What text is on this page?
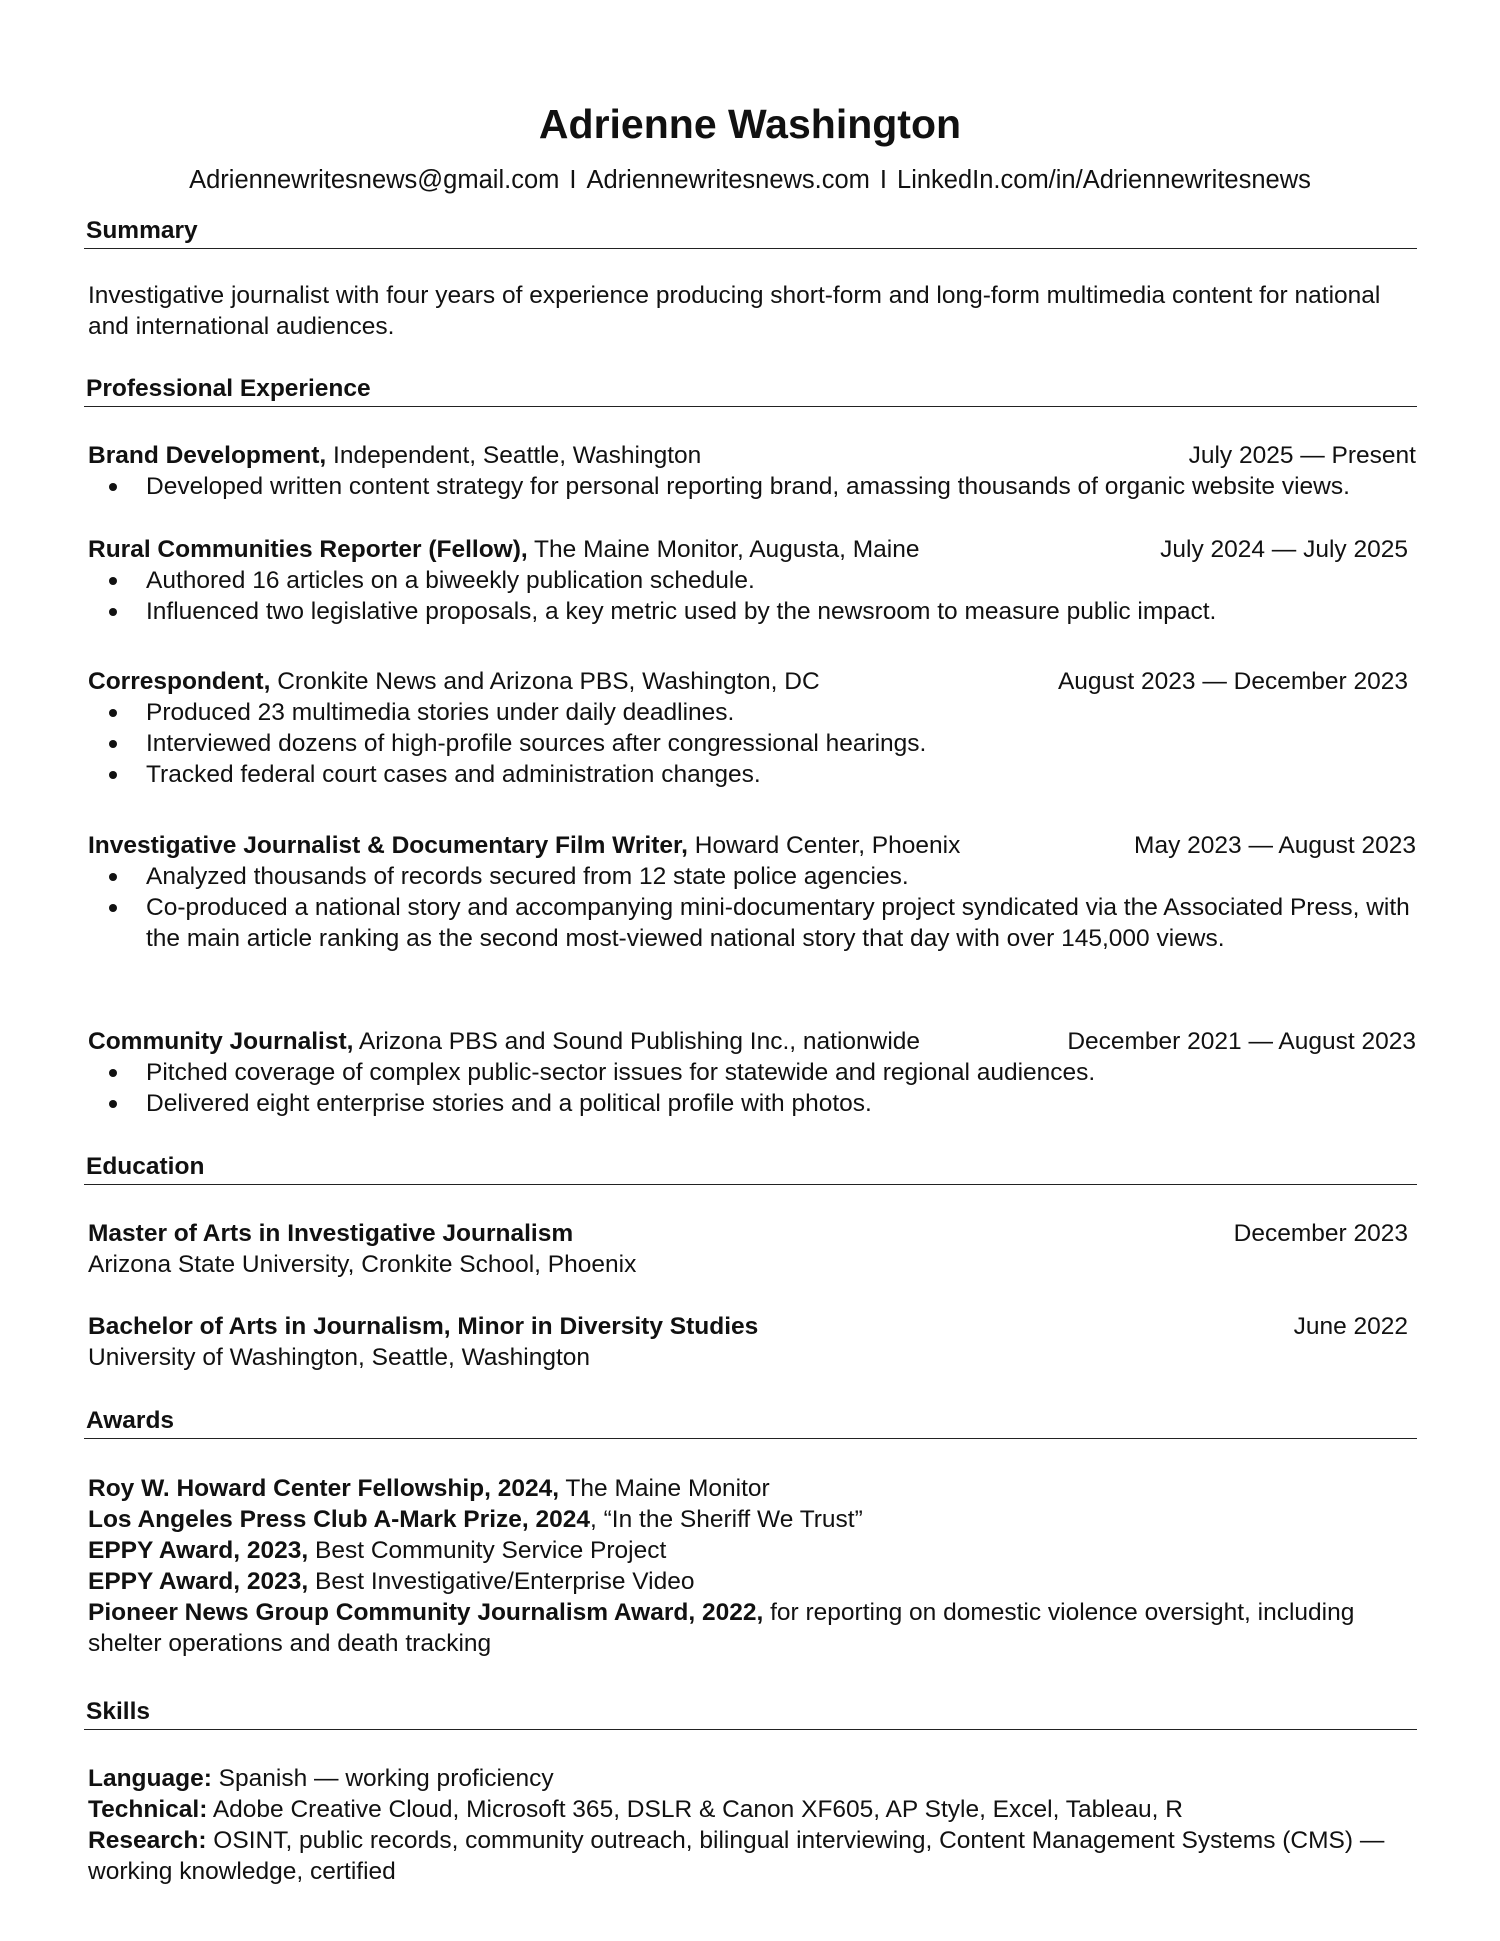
Adrienne Washington
Adriennewritesnews@gmail.com I Adriennewritesnews.com I LinkedIn.com/in/Adriennewritesnews
Summary
Investigative journalist with four years of experience producing short-form and long-form multimedia content for national and international audiences.
Professional Experience
Brand Development, Independent, Seattle, Washington	July 2025 — Present
Developed written content strategy for personal reporting brand, amassing thousands of organic website views.
Rural Communities Reporter (Fellow), The Maine Monitor, Augusta, Maine	July 2024 — July 2025
Authored 16 articles on a biweekly publication schedule.
Influenced two legislative proposals, a key metric used by the newsroom to measure public impact.
Correspondent, Cronkite News and Arizona PBS, Washington, DC	August 2023 — December 2023
Produced 23 multimedia stories under daily deadlines.
Interviewed dozens of high-profile sources after congressional hearings.
Tracked federal court cases and administration changes.
Investigative Journalist & Documentary Film Writer, Howard Center, Phoenix	May 2023 — August 2023
Analyzed thousands of records secured from 12 state police agencies.
Co-produced a national story and accompanying mini-documentary project syndicated via the Associated Press, with the main article ranking as the second most-viewed national story that day with over 145,000 views.
Community Journalist, Arizona PBS and Sound Publishing Inc., nationwide	December 2021 — August 2023
Pitched coverage of complex public-sector issues for statewide and regional audiences.
Delivered eight enterprise stories and a political profile with photos.
Education
Master of Arts in Investigative Journalism	December 2023
Arizona State University, Cronkite School, Phoenix
Bachelor of Arts in Journalism, Minor in Diversity Studies	June 2022
University of Washington, Seattle, Washington
Awards
Roy W. Howard Center Fellowship, 2024, The Maine Monitor
Los Angeles Press Club A-Mark Prize, 2024, “In the Sheriff We Trust”
EPPY Award, 2023, Best Community Service Project
EPPY Award, 2023, Best Investigative/Enterprise Video
Pioneer News Group Community Journalism Award, 2022, for reporting on domestic violence oversight, including shelter operations and death tracking
Skills
Language: Spanish — working proficiency
Technical: Adobe Creative Cloud, Microsoft 365, DSLR & Canon XF605, AP Style, Excel, Tableau, R
Research: OSINT, public records, community outreach, bilingual interviewing, Content Management Systems (CMS) — working knowledge, certified
